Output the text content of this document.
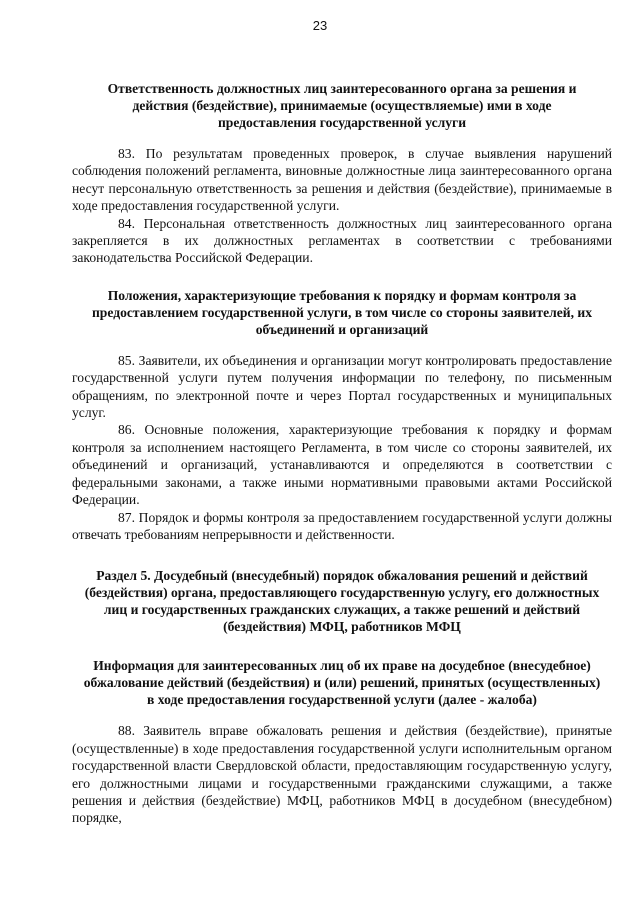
23

Ответственность должностных лиц заинтересованного органа за решения и действия (бездействие), принимаемые (осуществляемые) ими в ходе предоставления государственной услуги

83. По результатам проведенных проверок, в случае выявления нарушений соблюдения положений регламента, виновные должностные лица заинтересованного органа несут персональную ответственность за решения и действия (бездействие), принимаемые в ходе предоставления государственной услуги.

84. Персональная ответственность должностных лиц заинтересованного органа закрепляется в их должностных регламентах в соответствии с требованиями законодательства Российской Федерации.

Положения, характеризующие требования к порядку и формам контроля за предоставлением государственной услуги, в том числе со стороны заявителей, их объединений и организаций

85. Заявители, их объединения и организации могут контролировать предоставление государственной услуги путем получения информации по телефону, по письменным обращениям, по электронной почте и через Портал государственных и муниципальных услуг.

86. Основные положения, характеризующие требования к порядку и формам контроля за исполнением настоящего Регламента, в том числе со стороны заявителей, их объединений и организаций, устанавливаются и определяются в соответствии с федеральными законами, а также иными нормативными правовыми актами Российской Федерации.

87. Порядок и формы контроля за предоставлением государственной услуги должны отвечать требованиям непрерывности и действенности.

Раздел 5. Досудебный (внесудебный) порядок обжалования решений и действий (бездействия) органа, предоставляющего государственную услугу, его должностных лиц и государственных гражданских служащих, а также решений и действий (бездействия) МФЦ, работников МФЦ

Информация для заинтересованных лиц об их праве на досудебное (внесудебное) обжалование действий (бездействия) и (или) решений, принятых (осуществленных) в ходе предоставления государственной услуги (далее - жалоба)

88. Заявитель вправе обжаловать решения и действия (бездействие), принятые (осуществленные) в ходе предоставления государственной услуги исполнительным органом государственной власти Свердловской области, предоставляющим государственную услугу, его должностными лицами и государственными гражданскими служащими, а также решения и действия (бездействие) МФЦ, работников МФЦ в досудебном (внесудебном) порядке,
